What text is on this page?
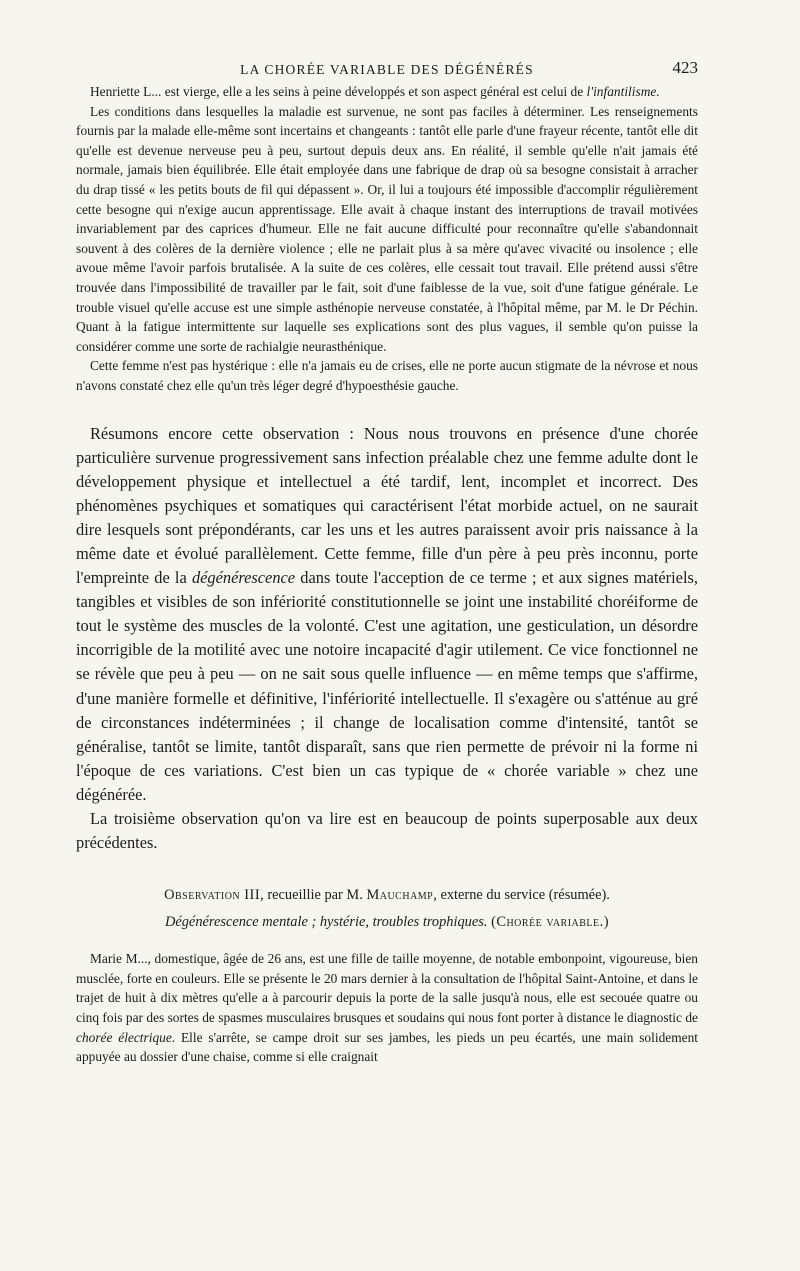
LA CHORÉE VARIABLE DES DÉGÉNÉRÉS	423

Henriette L... est vierge, elle a les seins à peine développés et son aspect général est celui de l'infantilisme.

Les conditions dans lesquelles la maladie est survenue, ne sont pas faciles à déterminer. Les renseignements fournis par la malade elle-même sont incertains et changeants : tantôt elle parle d'une frayeur récente, tantôt elle dit qu'elle est devenue nerveuse peu à peu, surtout depuis deux ans. En réalité, il semble qu'elle n'ait jamais été normale, jamais bien équilibrée. Elle était employée dans une fabrique de drap où sa besogne consistait à arracher du drap tissé « les petits bouts de fil qui dépassent ». Or, il lui a toujours été impossible d'accomplir régulièrement cette besogne qui n'exige aucun apprentissage. Elle avait à chaque instant des interruptions de travail motivées invariablement par des caprices d'humeur. Elle ne fait aucune difficulté pour reconnaître qu'elle s'abandonnait souvent à des colères de la dernière violence ; elle ne parlait plus à sa mère qu'avec vivacité ou insolence ; elle avoue même l'avoir parfois brutalisée. A la suite de ces colères, elle cessait tout travail. Elle prétend aussi s'être trouvée dans l'impossibilité de travailler par le fait, soit d'une faiblesse de la vue, soit d'une fatigue générale. Le trouble visuel qu'elle accuse est une simple asthénopie nerveuse constatée, à l'hôpital même, par M. le Dr Péchin. Quant à la fatigue intermittente sur laquelle ses explications sont des plus vagues, il semble qu'on puisse la considérer comme une sorte de rachialgie neurasthénique.

Cette femme n'est pas hystérique : elle n'a jamais eu de crises, elle ne porte aucun stigmate de la névrose et nous n'avons constaté chez elle qu'un très léger degré d'hypoesthésie gauche.

Résumons encore cette observation : Nous nous trouvons en présence d'une chorée particulière survenue progressivement sans infection préalable chez une femme adulte dont le développement physique et intellectuel a été tardif, lent, incomplet et incorrect. Des phénomènes psychiques et somatiques qui caractérisent l'état morbide actuel, on ne saurait dire lesquels sont prépondérants, car les uns et les autres paraissent avoir pris naissance à la même date et évolué parallèlement. Cette femme, fille d'un père à peu près inconnu, porte l'empreinte de la dégénérescence dans toute l'acception de ce terme ; et aux signes matériels, tangibles et visibles de son infériorité constitutionnelle se joint une instabilité choréiforme de tout le système des muscles de la volonté. C'est une agitation, une gesticulation, un désordre incorrigible de la motilité avec une notoire incapacité d'agir utilement. Ce vice fonctionnel ne se révèle que peu à peu — on ne sait sous quelle influence — en même temps que s'affirme, d'une manière formelle et définitive, l'infériorité intellectuelle. Il s'exagère ou s'atténue au gré de circonstances indéterminées ; il change de localisation comme d'intensité, tantôt se généralise, tantôt se limite, tantôt disparaît, sans que rien permette de prévoir ni la forme ni l'époque de ces variations. C'est bien un cas typique de « chorée variable » chez une dégénérée.

La troisième observation qu'on va lire est en beaucoup de points superposable aux deux précédentes.

Observation III, recueillie par M. Mauchamp, externe du service (résumée).
Dégénérescence mentale ; hystérie, troubles trophiques. (Chorée variable.)

Marie M..., domestique, âgée de 26 ans, est une fille de taille moyenne, de notable embonpoint, vigoureuse, bien musclée, forte en couleurs. Elle se présente le 20 mars dernier à la consultation de l'hôpital Saint-Antoine, et dans le trajet de huit à dix mètres qu'elle a à parcourir depuis la porte de la salle jusqu'à nous, elle est secouée quatre ou cinq fois par des sortes de spasmes musculaires brusques et soudains qui nous font porter à distance le diagnostic de chorée électrique. Elle s'arrête, se campe droit sur ses jambes, les pieds un peu écartés, une main solidement appuyée au dossier d'une chaise, comme si elle craignait
